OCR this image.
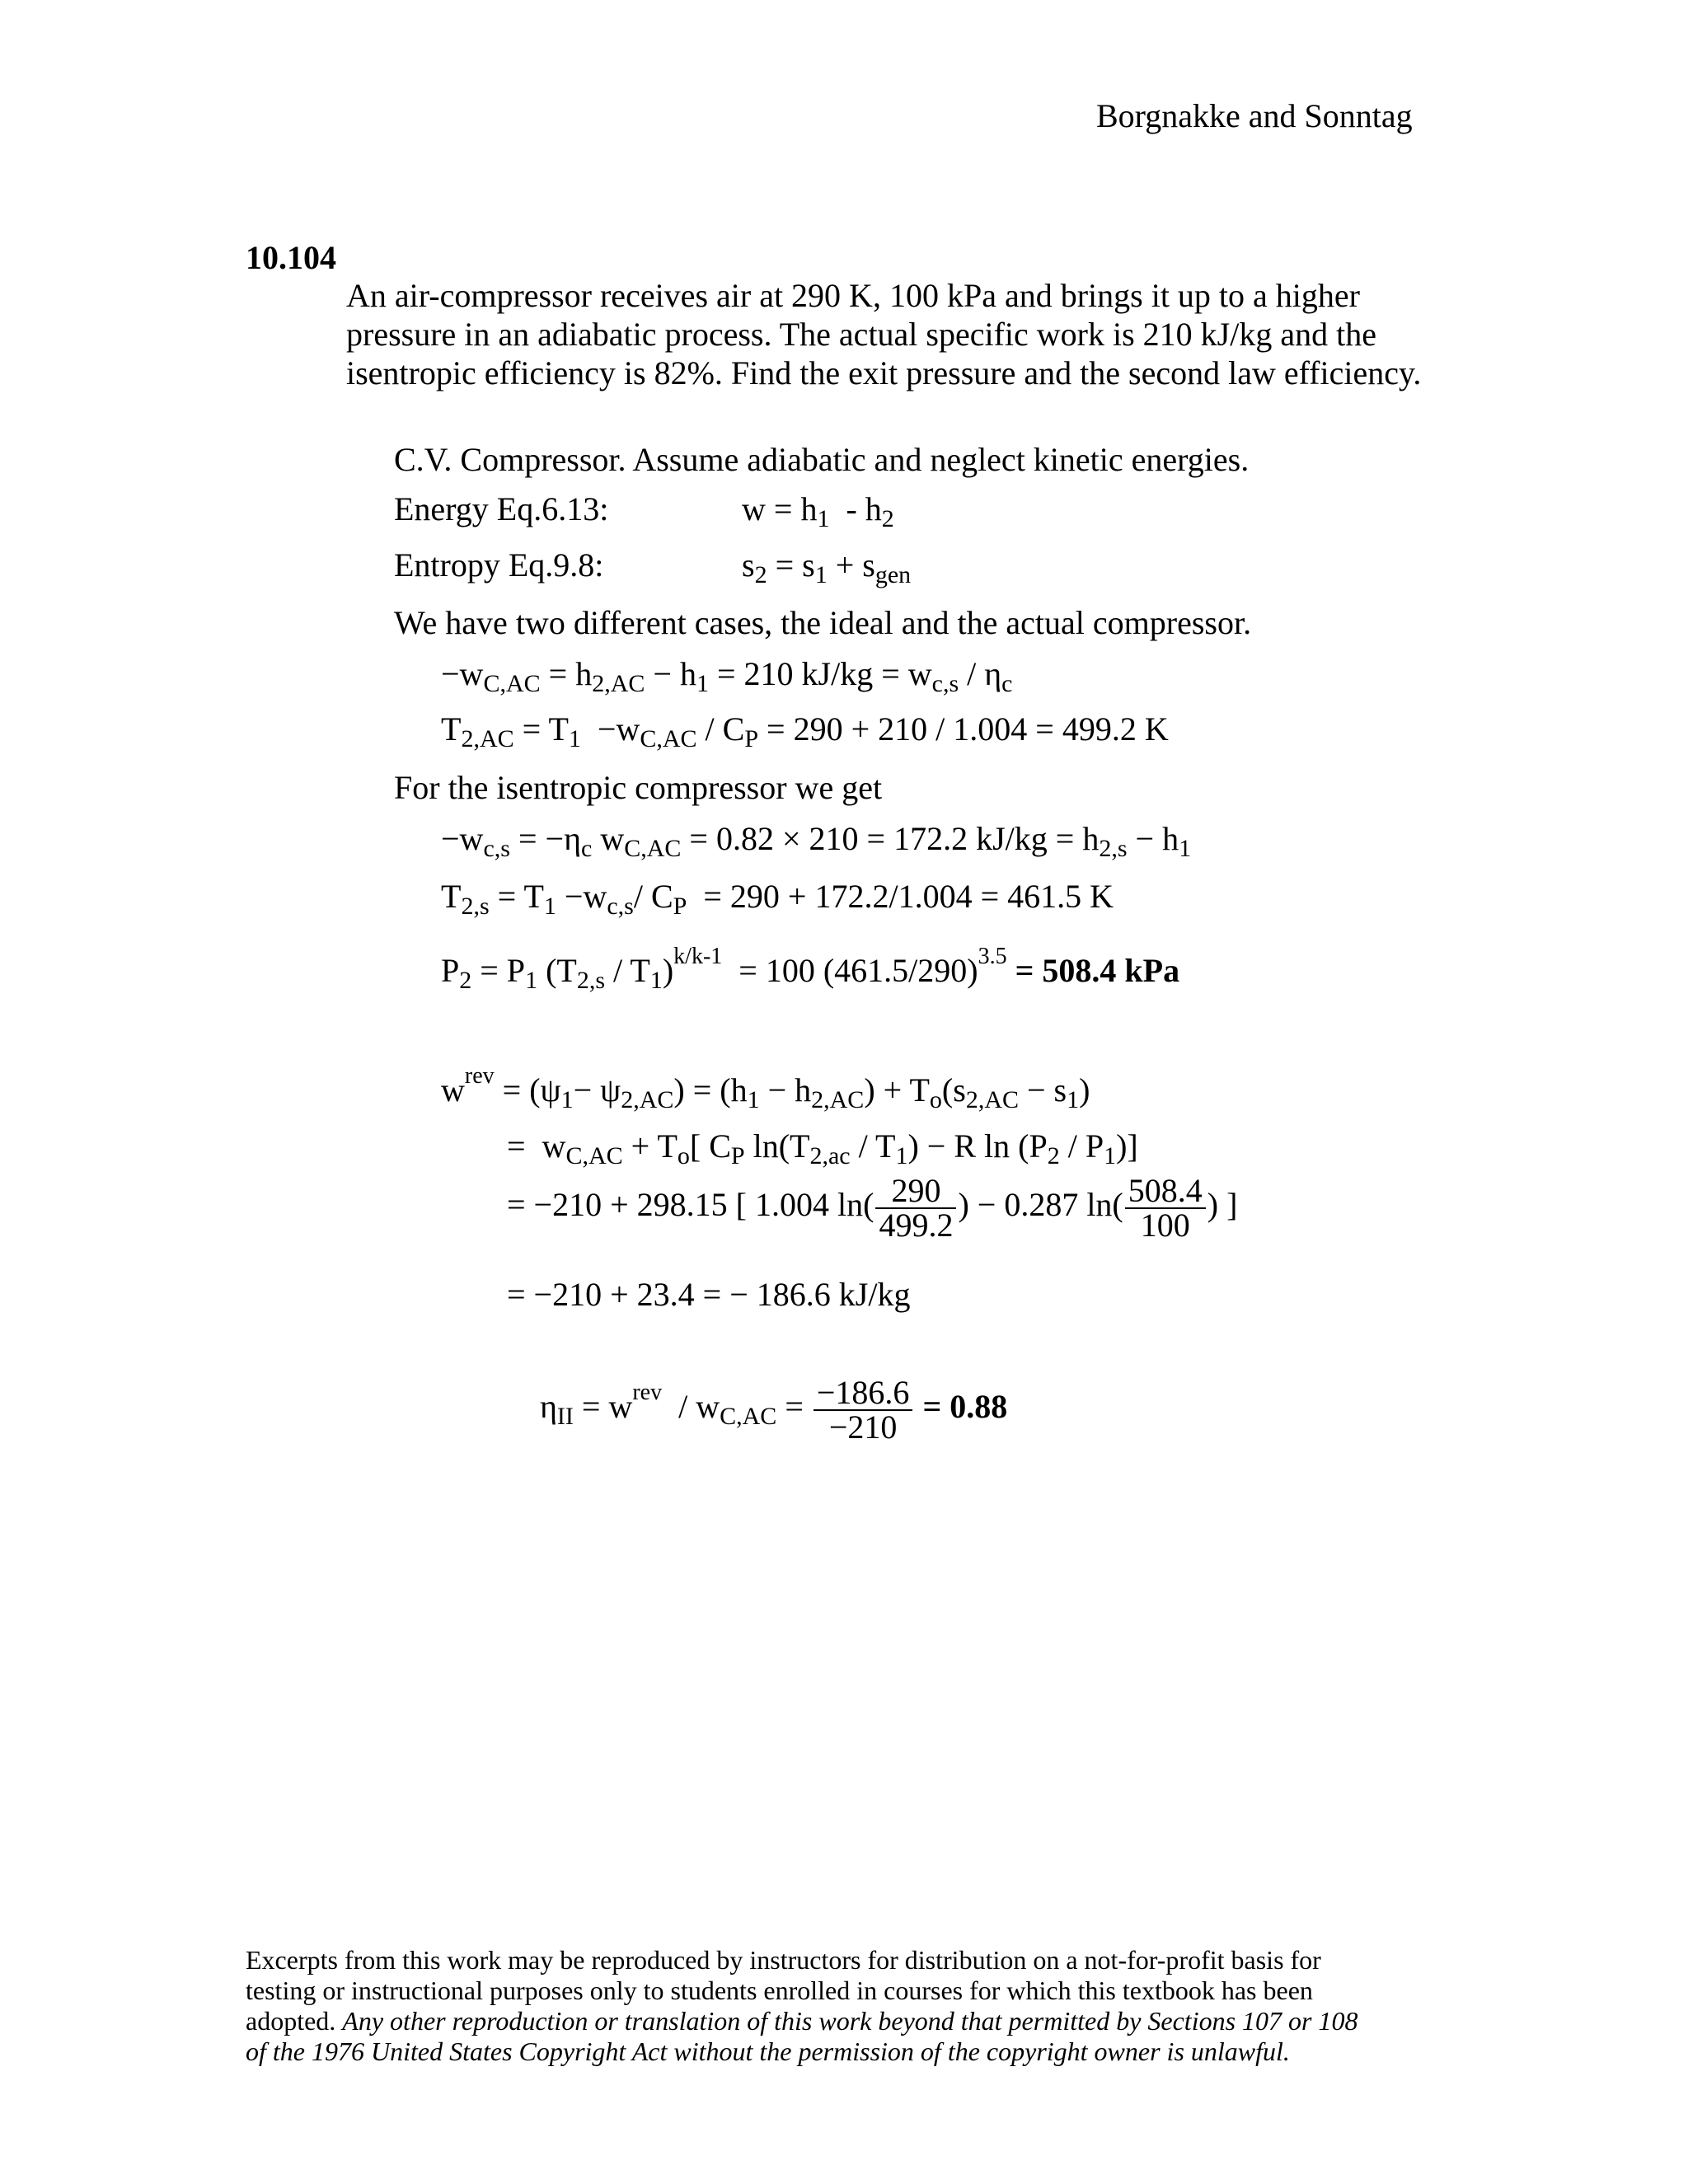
Borgnakke and Sonntag
10.104
An air-compressor receives air at 290 K, 100 kPa and brings it up to a higher
pressure in an adiabatic process. The actual specific work is 210 kJ/kg and the
isentropic efficiency is 82%. Find the exit pressure and the second law efficiency.
C.V. Compressor. Assume adiabatic and neglect kinetic energies.
Energy Eq.6.13:	$w = h_1 - h_2$
Entropy Eq.9.8:	$s_2 = s_1 + s_{gen}$
We have two different cases, the ideal and the actual compressor.
$-w_{C,AC} = h_{2,AC} - h_1 = 210$ $kJ/kg = w_{c,s} / \eta_c$
$T_{2,AC} = T_1 -w_{C,AC} / C_P = 290 + 210 / 1.004 = 499.2$ K
For the isentropic compressor we get
$-w_{c,s} = -\eta_c$ $w_{C,AC} = 0.82 \times 210 = 172.2$ $kJ/kg = h_{2,s} - h_1$
$T_{2,s} = T_1 -w_{c,s}/$ $C_P = 290 + 172.2/1.004 = 461.5$ K
$P_2 = P_1$ $(T_{2,s} / T_1)^{k/k-1} = 100$ $(461.5/290)^{3.5} = 508.4$ kPa
$w^{rev} = (\psi_1- \psi_{2,AC}) = (h_1 - h_{2,AC}) + T_o(s_{2,AC} - s_1)$
=  $w_{C,AC} + T_o$[ $C_P$ $\ln(T_{2,ac} / T_1) - R$ $\ln (P_2 / P_1)$]
= −210 + 298.15 [ 1.004 $\ln( \frac{290}{499.2}$ ) − 0.287 $\ln( \frac{508.4}{100}$ ) ]
= −210 + 23.4 = − 186.6 kJ/kg
$\eta_{II} = w^{rev} / w_{C,AC} = \frac{-186.6}{-210} = 0.88$
Excerpts from this work may be reproduced by instructors for distribution on a not-for-profit basis for
testing or instructional purposes only to students enrolled in courses for which this textbook has been
adopted. Any other reproduction or translation of this work beyond that permitted by Sections 107 or 108
of the 1976 United States Copyright Act without the permission of the copyright owner is unlawful.
